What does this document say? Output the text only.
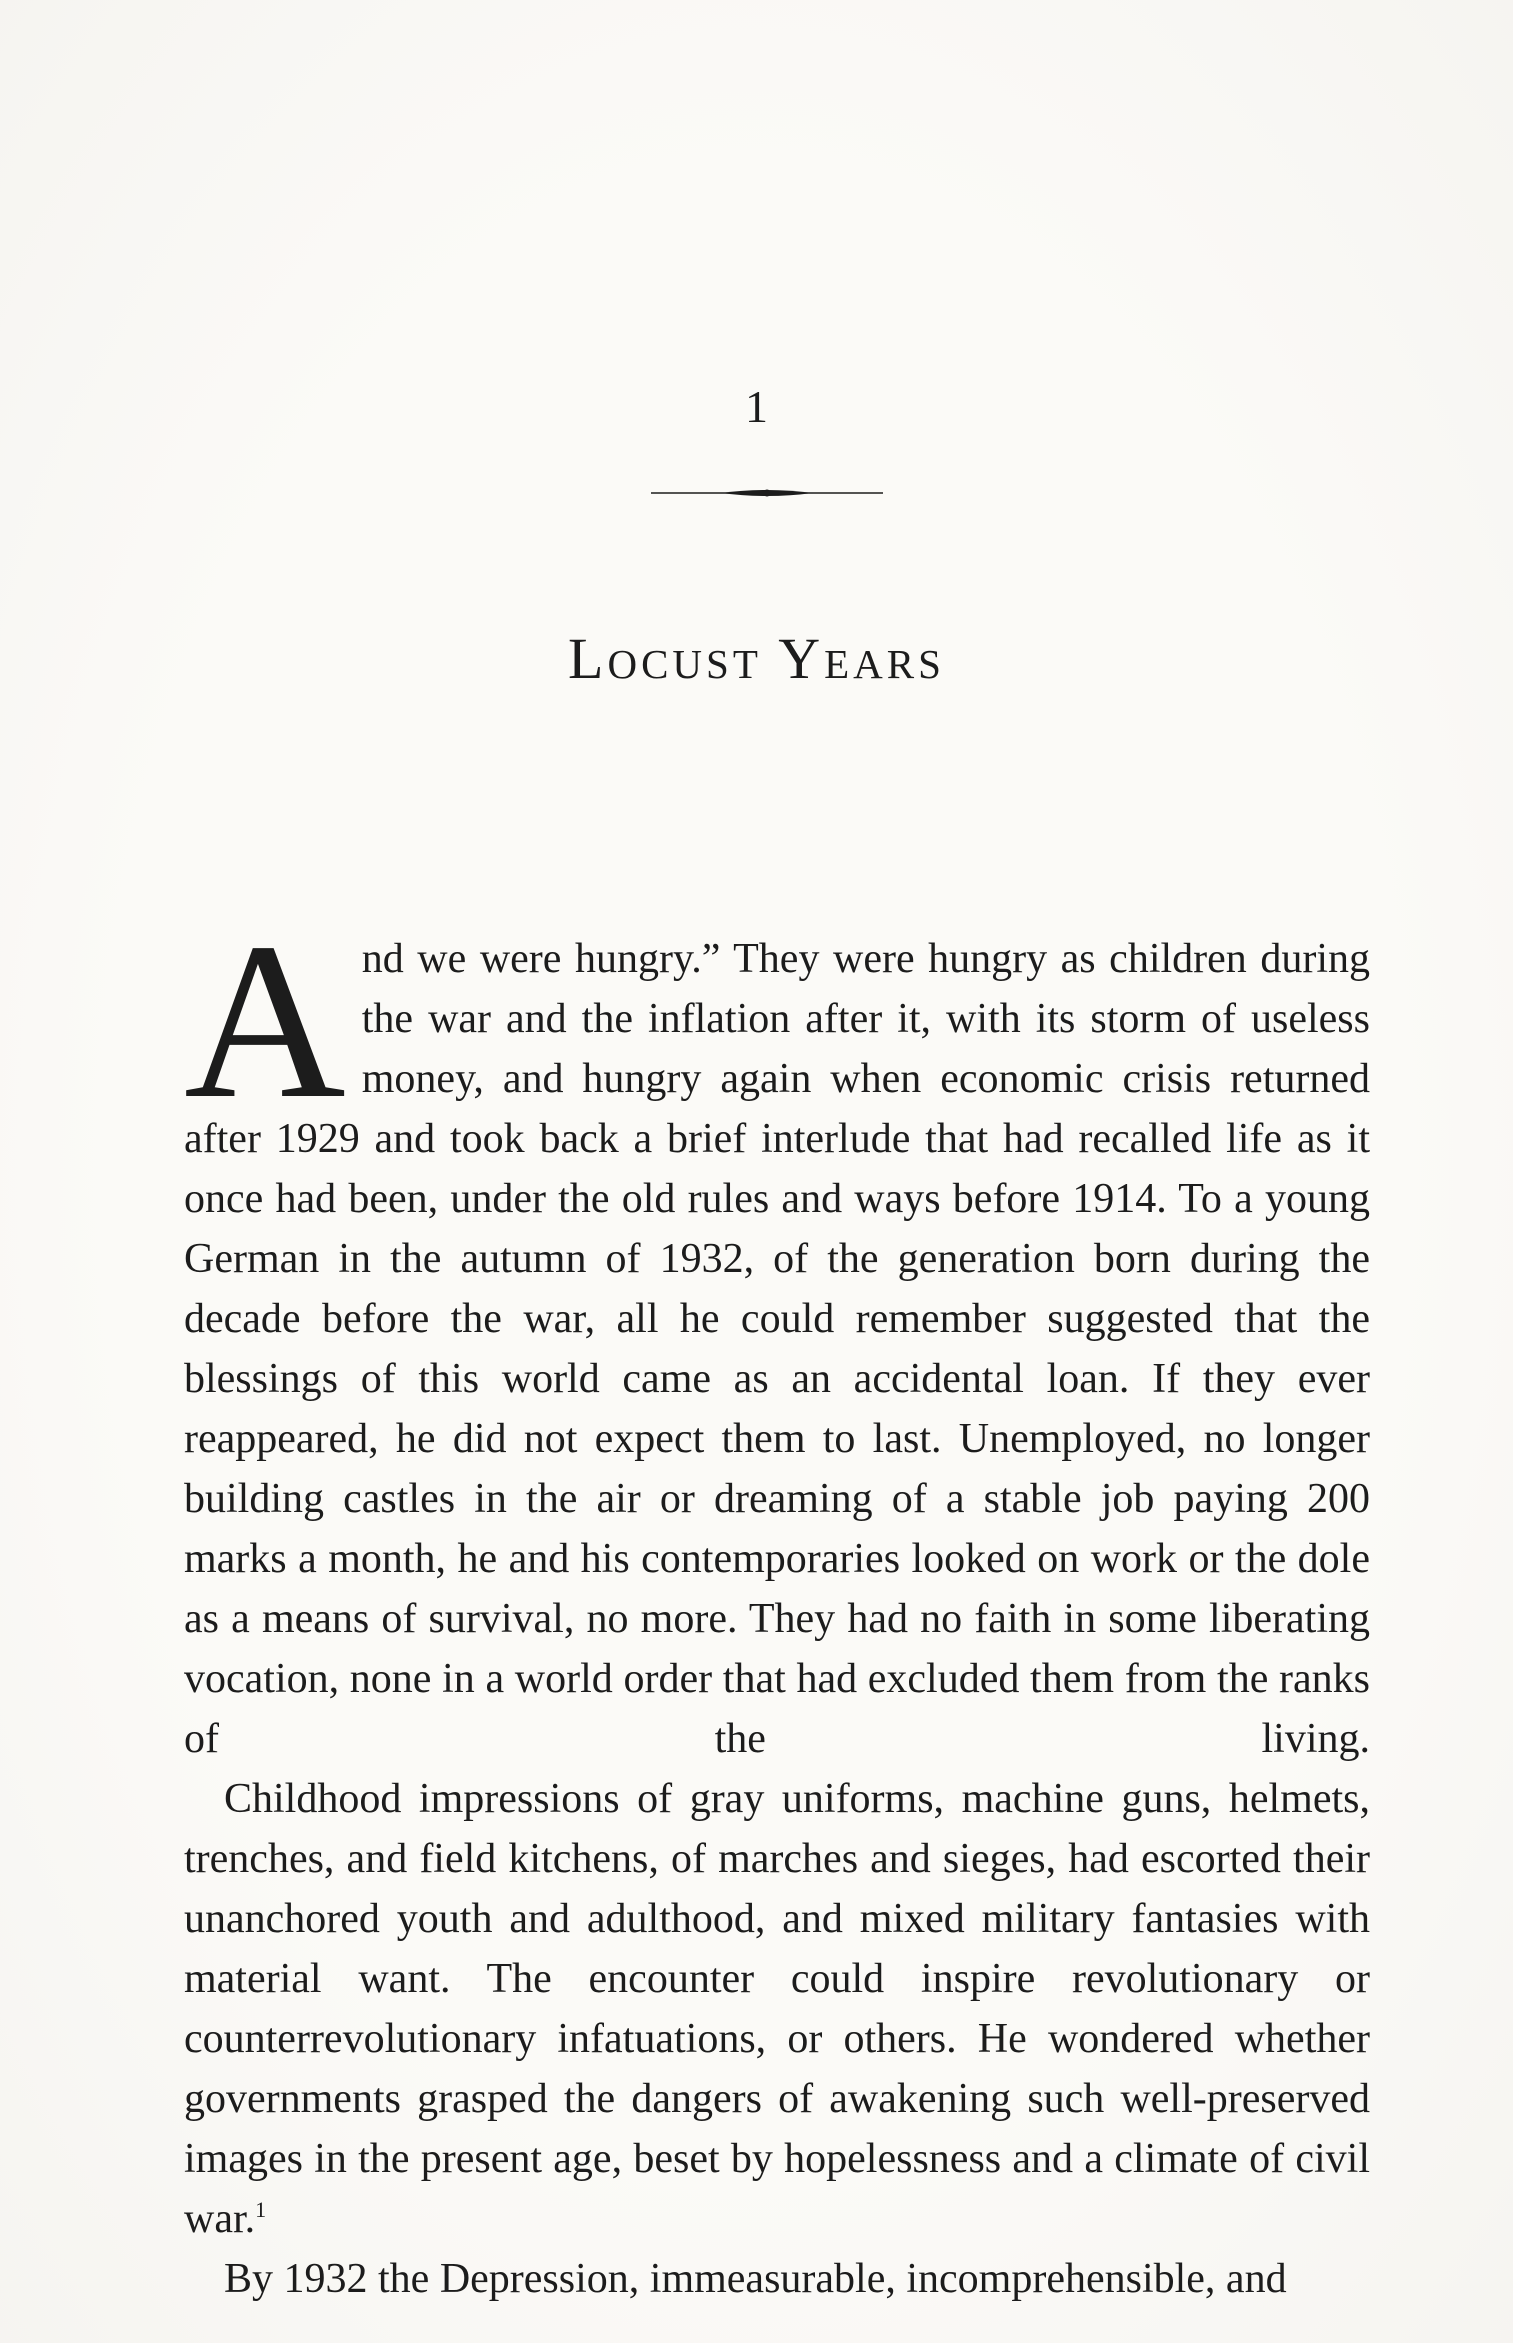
1
Locust Years

And we were hungry.” They were hungry as children during the war and the inflation after it, with its storm of useless money, and hungry again when economic crisis returned after 1929 and took back a brief interlude that had recalled life as it once had been, under the old rules and ways before 1914. To a young German in the autumn of 1932, of the generation born during the decade before the war, all he could remember suggested that the blessings of this world came as an accidental loan. If they ever reappeared, he did not expect them to last. Unemployed, no longer building castles in the air or dreaming of a stable job paying 200 marks a month, he and his contemporaries looked on work or the dole as a means of survival, no more. They had no faith in some liberating vocation, none in a world order that had excluded them from the ranks of the living.

Childhood impressions of gray uniforms, machine guns, helmets, trenches, and field kitchens, of marches and sieges, had escorted their unanchored youth and adulthood, and mixed military fantasies with material want. The encounter could inspire revolutionary or counterrevolutionary infatuations, or others. He wondered whether governments grasped the dangers of awakening such well-preserved images in the present age, beset by hopelessness and a climate of civil war.$^1$

By 1932 the Depression, immeasurable, incomprehensible, and
